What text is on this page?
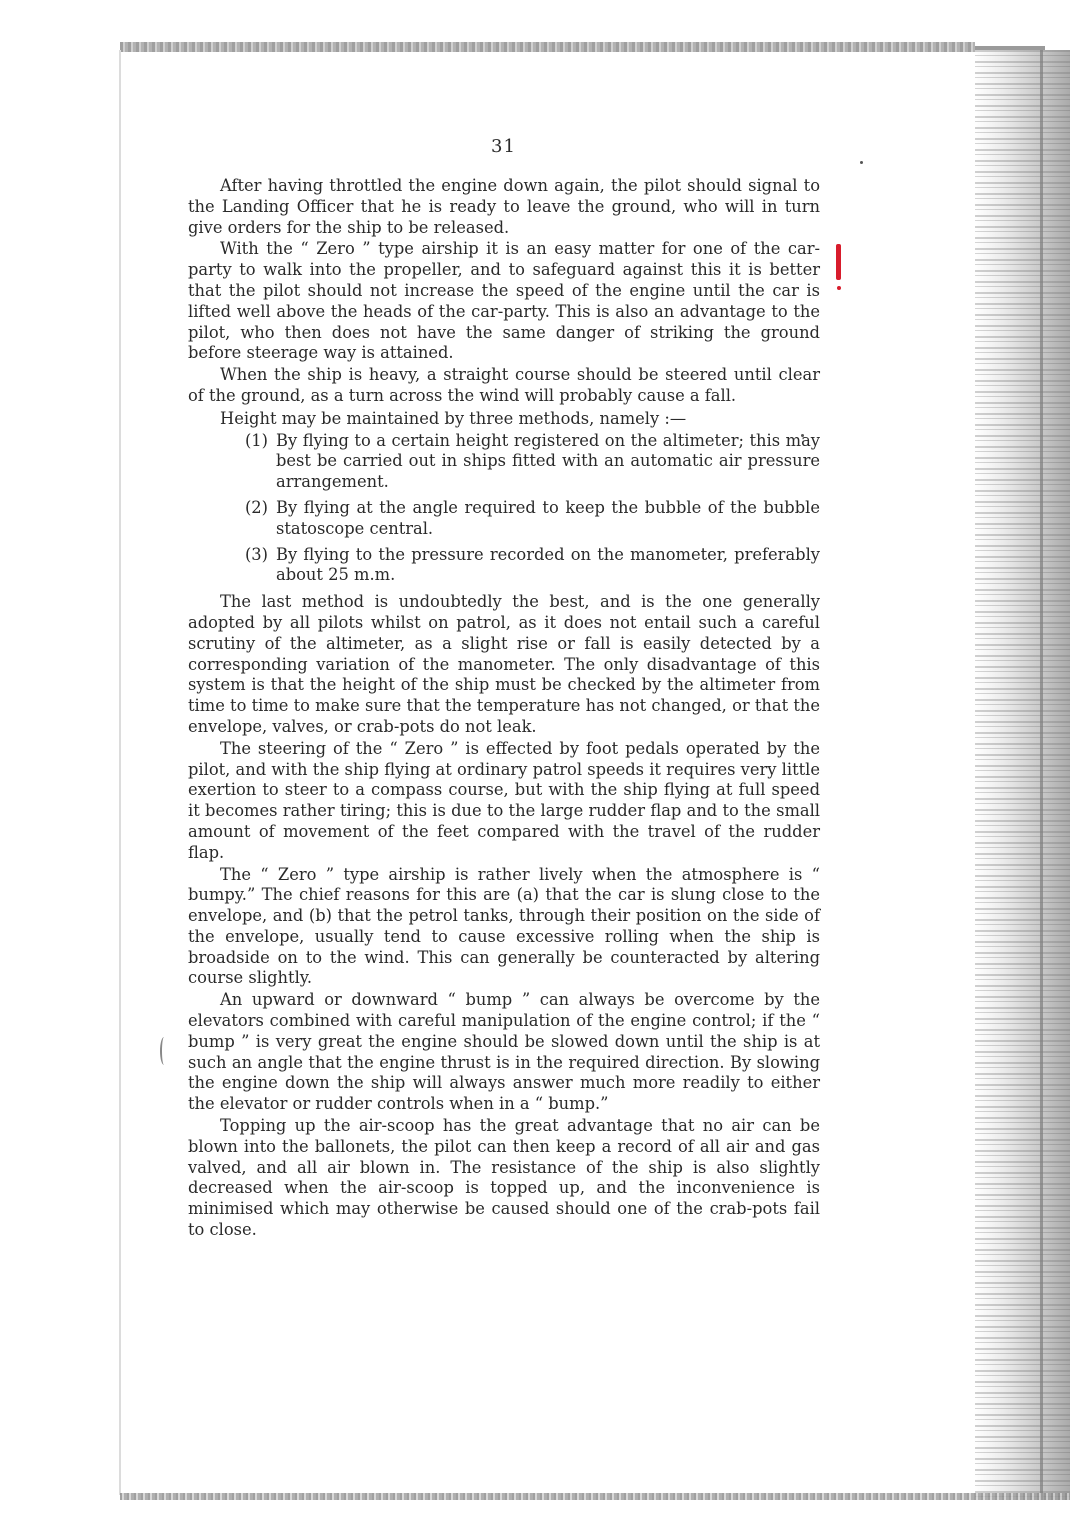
31

After having throttled the engine down again, the pilot should signal to the Landing Officer that he is ready to leave the ground, who will in turn give orders for the ship to be released.

With the “ Zero ” type airship it is an easy matter for one of the car-party to walk into the propeller, and to safeguard against this it is better that the pilot should not increase the speed of the engine until the car is lifted well above the heads of the car-party. This is also an advantage to the pilot, who then does not have the same danger of striking the ground before steerage way is attained.

When the ship is heavy, a straight course should be steered until clear of the ground, as a turn across the wind will probably cause a fall.

Height may be maintained by three methods, namely :—

(1) By flying to a certain height registered on the altimeter; this may best be carried out in ships fitted with an automatic air pressure arrangement.
(2) By flying at the angle required to keep the bubble of the bubble statoscope central.
(3) By flying to the pressure recorded on the manometer, preferably about 25 m.m.

The last method is undoubtedly the best, and is the one generally adopted by all pilots whilst on patrol, as it does not entail such a careful scrutiny of the altimeter, as a slight rise or fall is easily detected by a corresponding variation of the manometer. The only disadvantage of this system is that the height of the ship must be checked by the altimeter from time to time to make sure that the temperature has not changed, or that the envelope, valves, or crab-pots do not leak.

The steering of the “ Zero ” is effected by foot pedals operated by the pilot, and with the ship flying at ordinary patrol speeds it requires very little exertion to steer to a compass course, but with the ship flying at full speed it becomes rather tiring; this is due to the large rudder flap and to the small amount of movement of the feet compared with the travel of the rudder flap.

The “ Zero ” type airship is rather lively when the atmosphere is “ bumpy.” The chief reasons for this are (a) that the car is slung close to the envelope, and (b) that the petrol tanks, through their position on the side of the envelope, usually tend to cause excessive rolling when the ship is broadside on to the wind. This can generally be counteracted by altering course slightly.

An upward or downward “ bump ” can always be overcome by the elevators combined with careful manipulation of the engine control; if the “ bump ” is very great the engine should be slowed down until the ship is at such an angle that the engine thrust is in the required direction. By slowing the engine down the ship will always answer much more readily to either the elevator or rudder controls when in a “ bump.”

Topping up the air-scoop has the great advantage that no air can be blown into the ballonets, the pilot can then keep a record of all air and gas valved, and all air blown in. The resistance of the ship is also slightly decreased when the air-scoop is topped up, and the inconvenience is minimised which may otherwise be caused should one of the crab-pots fail to close.
